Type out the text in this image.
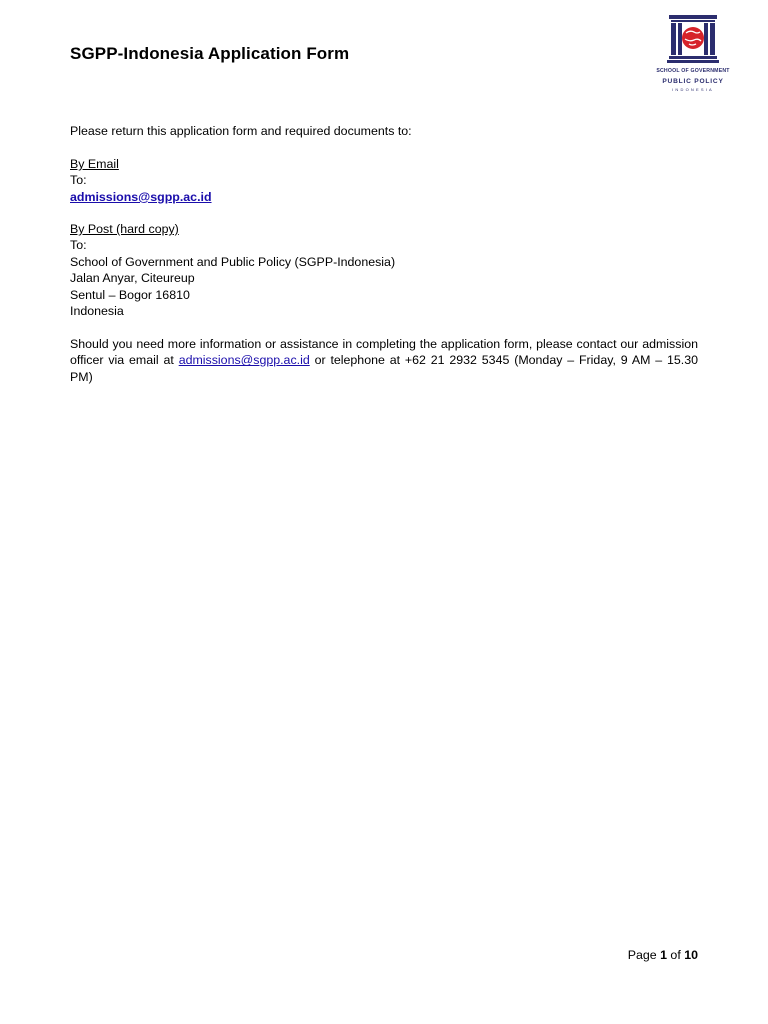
SGPP-Indonesia Application Form
SCHOOL OF GOVERNMENT
PUBLIC POLICY
INDONESIA
Please return this application form and required documents to:
By Email
To:
admissions@sgpp.ac.id
By Post (hard copy)
To:
School of Government and Public Policy (SGPP-Indonesia)
Jalan Anyar, Citeureup
Sentul – Bogor 16810
Indonesia
Should you need more information or assistance in completing the application form, please contact our admission officer via email at admissions@sgpp.ac.id or telephone at +62 21 2932 5345 (Monday – Friday, 9 AM – 15.30 PM)
Page 1 of 10
